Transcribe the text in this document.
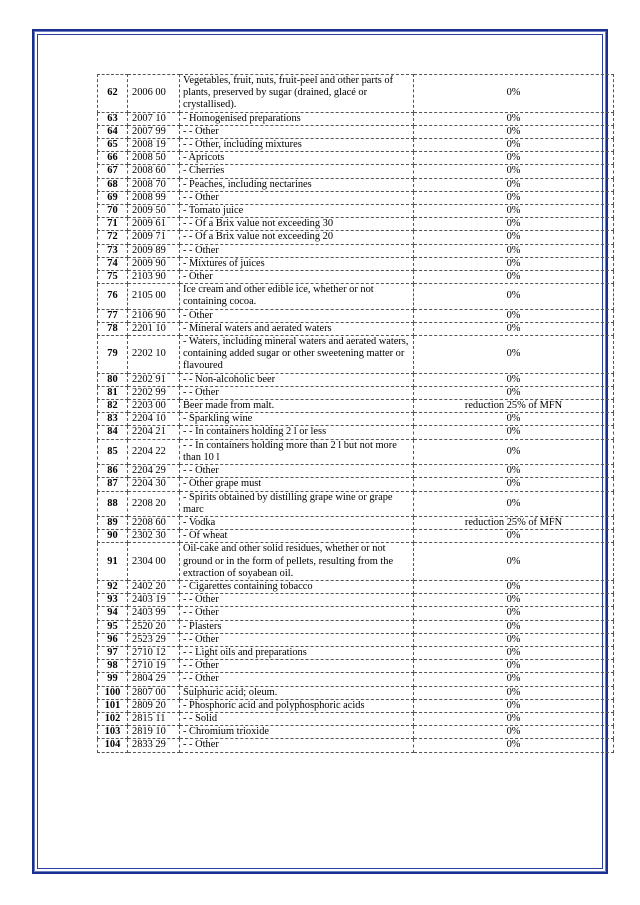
62	2006 00	Vegetables, fruit, nuts, fruit-peel and other parts of plants, preserved by sugar (drained, glacé or crystallised).	0%
63	2007 10	- Homogenised preparations	0%
64	2007 99	- - Other	0%
65	2008 19	- - Other, including mixtures	0%
66	2008 50	- Apricots	0%
67	2008 60	- Cherries	0%
68	2008 70	- Peaches, including nectarines	0%
69	2008 99	- - Other	0%
70	2009 50	- Tomato juice	0%
71	2009 61	- - Of a Brix value not exceeding 30	0%
72	2009 71	- - Of a Brix value not exceeding 20	0%
73	2009 89	- - Other	0%
74	2009 90	- Mixtures of juices	0%
75	2103 90	- Other	0%
76	2105 00	Ice cream and other edible ice, whether or not containing cocoa.	0%
77	2106 90	- Other	0%
78	2201 10	- Mineral waters and aerated waters	0%
79	2202 10	- Waters, including mineral waters and aerated waters, containing added sugar or other sweetening matter or flavoured	0%
80	2202 91	- - Non-alcoholic beer	0%
81	2202 99	- - Other	0%
82	2203 00	Beer made from malt.	reduction 25% of MFN
83	2204 10	- Sparkling wine	0%
84	2204 21	- - In containers holding 2 l or less	0%
85	2204 22	- - In containers holding more than 2 l but not more than 10 l	0%
86	2204 29	- - Other	0%
87	2204 30	- Other grape must	0%
88	2208 20	- Spirits obtained by distilling grape wine or grape marc	0%
89	2208 60	- Vodka	reduction 25% of MFN
90	2302 30	- Of wheat	0%
91	2304 00	Oil-cake and other solid residues, whether or not ground or in the form of pellets, resulting from the extraction of soyabean oil.	0%
92	2402 20	- Cigarettes containing tobacco	0%
93	2403 19	- - Other	0%
94	2403 99	- - Other	0%
95	2520 20	- Plasters	0%
96	2523 29	- - Other	0%
97	2710 12	- - Light oils and preparations	0%
98	2710 19	- - Other	0%
99	2804 29	- - Other	0%
100	2807 00	Sulphuric acid; oleum.	0%
101	2809 20	- Phosphoric acid and polyphosphoric acids	0%
102	2815 11	- - Solid	0%
103	2819 10	- Chromium trioxide	0%
104	2833 29	- - Other	0%
